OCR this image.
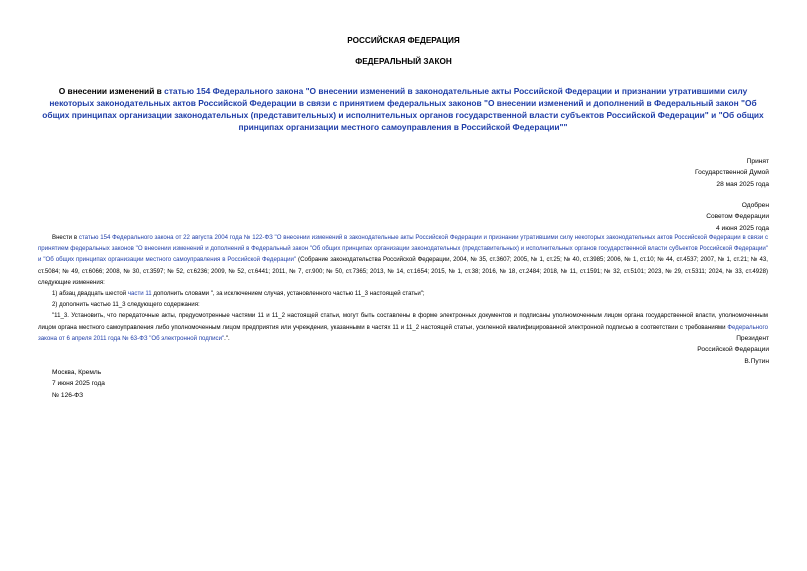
РОССИЙСКАЯ ФЕДЕРАЦИЯ
ФЕДЕРАЛЬНЫЙ ЗАКОН
О внесении изменений в статью 154 Федерального закона "О внесении изменений в законодательные акты Российской Федерации и признании утратившими силу некоторых законодательных актов Российской Федерации в связи с принятием федеральных законов "О внесении изменений и дополнений в Федеральный закон "Об общих принципах организации законодательных (представительных) и исполнительных органов государственной власти субъектов Российской Федерации" и "Об общих принципах организации местного самоуправления в Российской Федерации""
Принят
Государственной Думой
28 мая 2025 года
Одобрен
Советом Федерации
4 июня 2025 года

Внести в статью 154 Федерального закона от 22 августа 2004 года № 122-ФЗ "О внесении изменений в законодательные акты Российской Федерации и признании утратившими силу некоторых законодательных актов Российской Федерации в связи с принятием федеральных законов "О внесении изменений и дополнений в Федеральный закон "Об общих принципах организации законодательных (представительных) и исполнительных органов государственной власти субъектов Российской Федерации" и "Об общих принципах организации местного самоуправления в Российской Федерации" (Собрание законодательства Российской Федерации, 2004, № 35, ст.3607; 2005, № 1, ст.25; № 40, ст.3985; 2006, № 1, ст.10; № 44, ст.4537; 2007, № 1, ст.21; № 43, ст.5084; № 49, ст.6066; 2008, № 30, ст.3597; № 52, ст.6236; 2009, № 52, ст.6441; 2011, № 7, ст.900; № 50, ст.7365; 2013, № 14, ст.1654; 2015, № 1, ст.38; 2016, № 18, ст.2484; 2018, № 11, ст.1591; № 32, ст.5101; 2023, № 29, ст.5311; 2024, № 33, ст.4928) следующие изменения:

1) абзац двадцать шестой части 11 дополнить словами ", за исключением случая, установленного частью 11_3 настоящей статьи";

2) дополнить частью 11_3 следующего содержания:

"11_3. Установить, что передаточные акты, предусмотренные частями 11 и 11_2 настоящей статьи, могут быть составлены в форме электронных документов и подписаны уполномоченным лицом органа государственной власти, уполномоченным лицом органа местного самоуправления либо уполномоченным лицом предприятия или учреждения, указанными в частях 11 и 11_2 настоящей статьи, усиленной квалифицированной электронной подписью в соответствии с требованиями Федерального закона от 6 апреля 2011 года № 63-ФЗ "Об электронной подписи".".	Президент
Российской Федерации
В.Путин
Москва, Кремль
7 июня 2025 года
№ 126-ФЗ
